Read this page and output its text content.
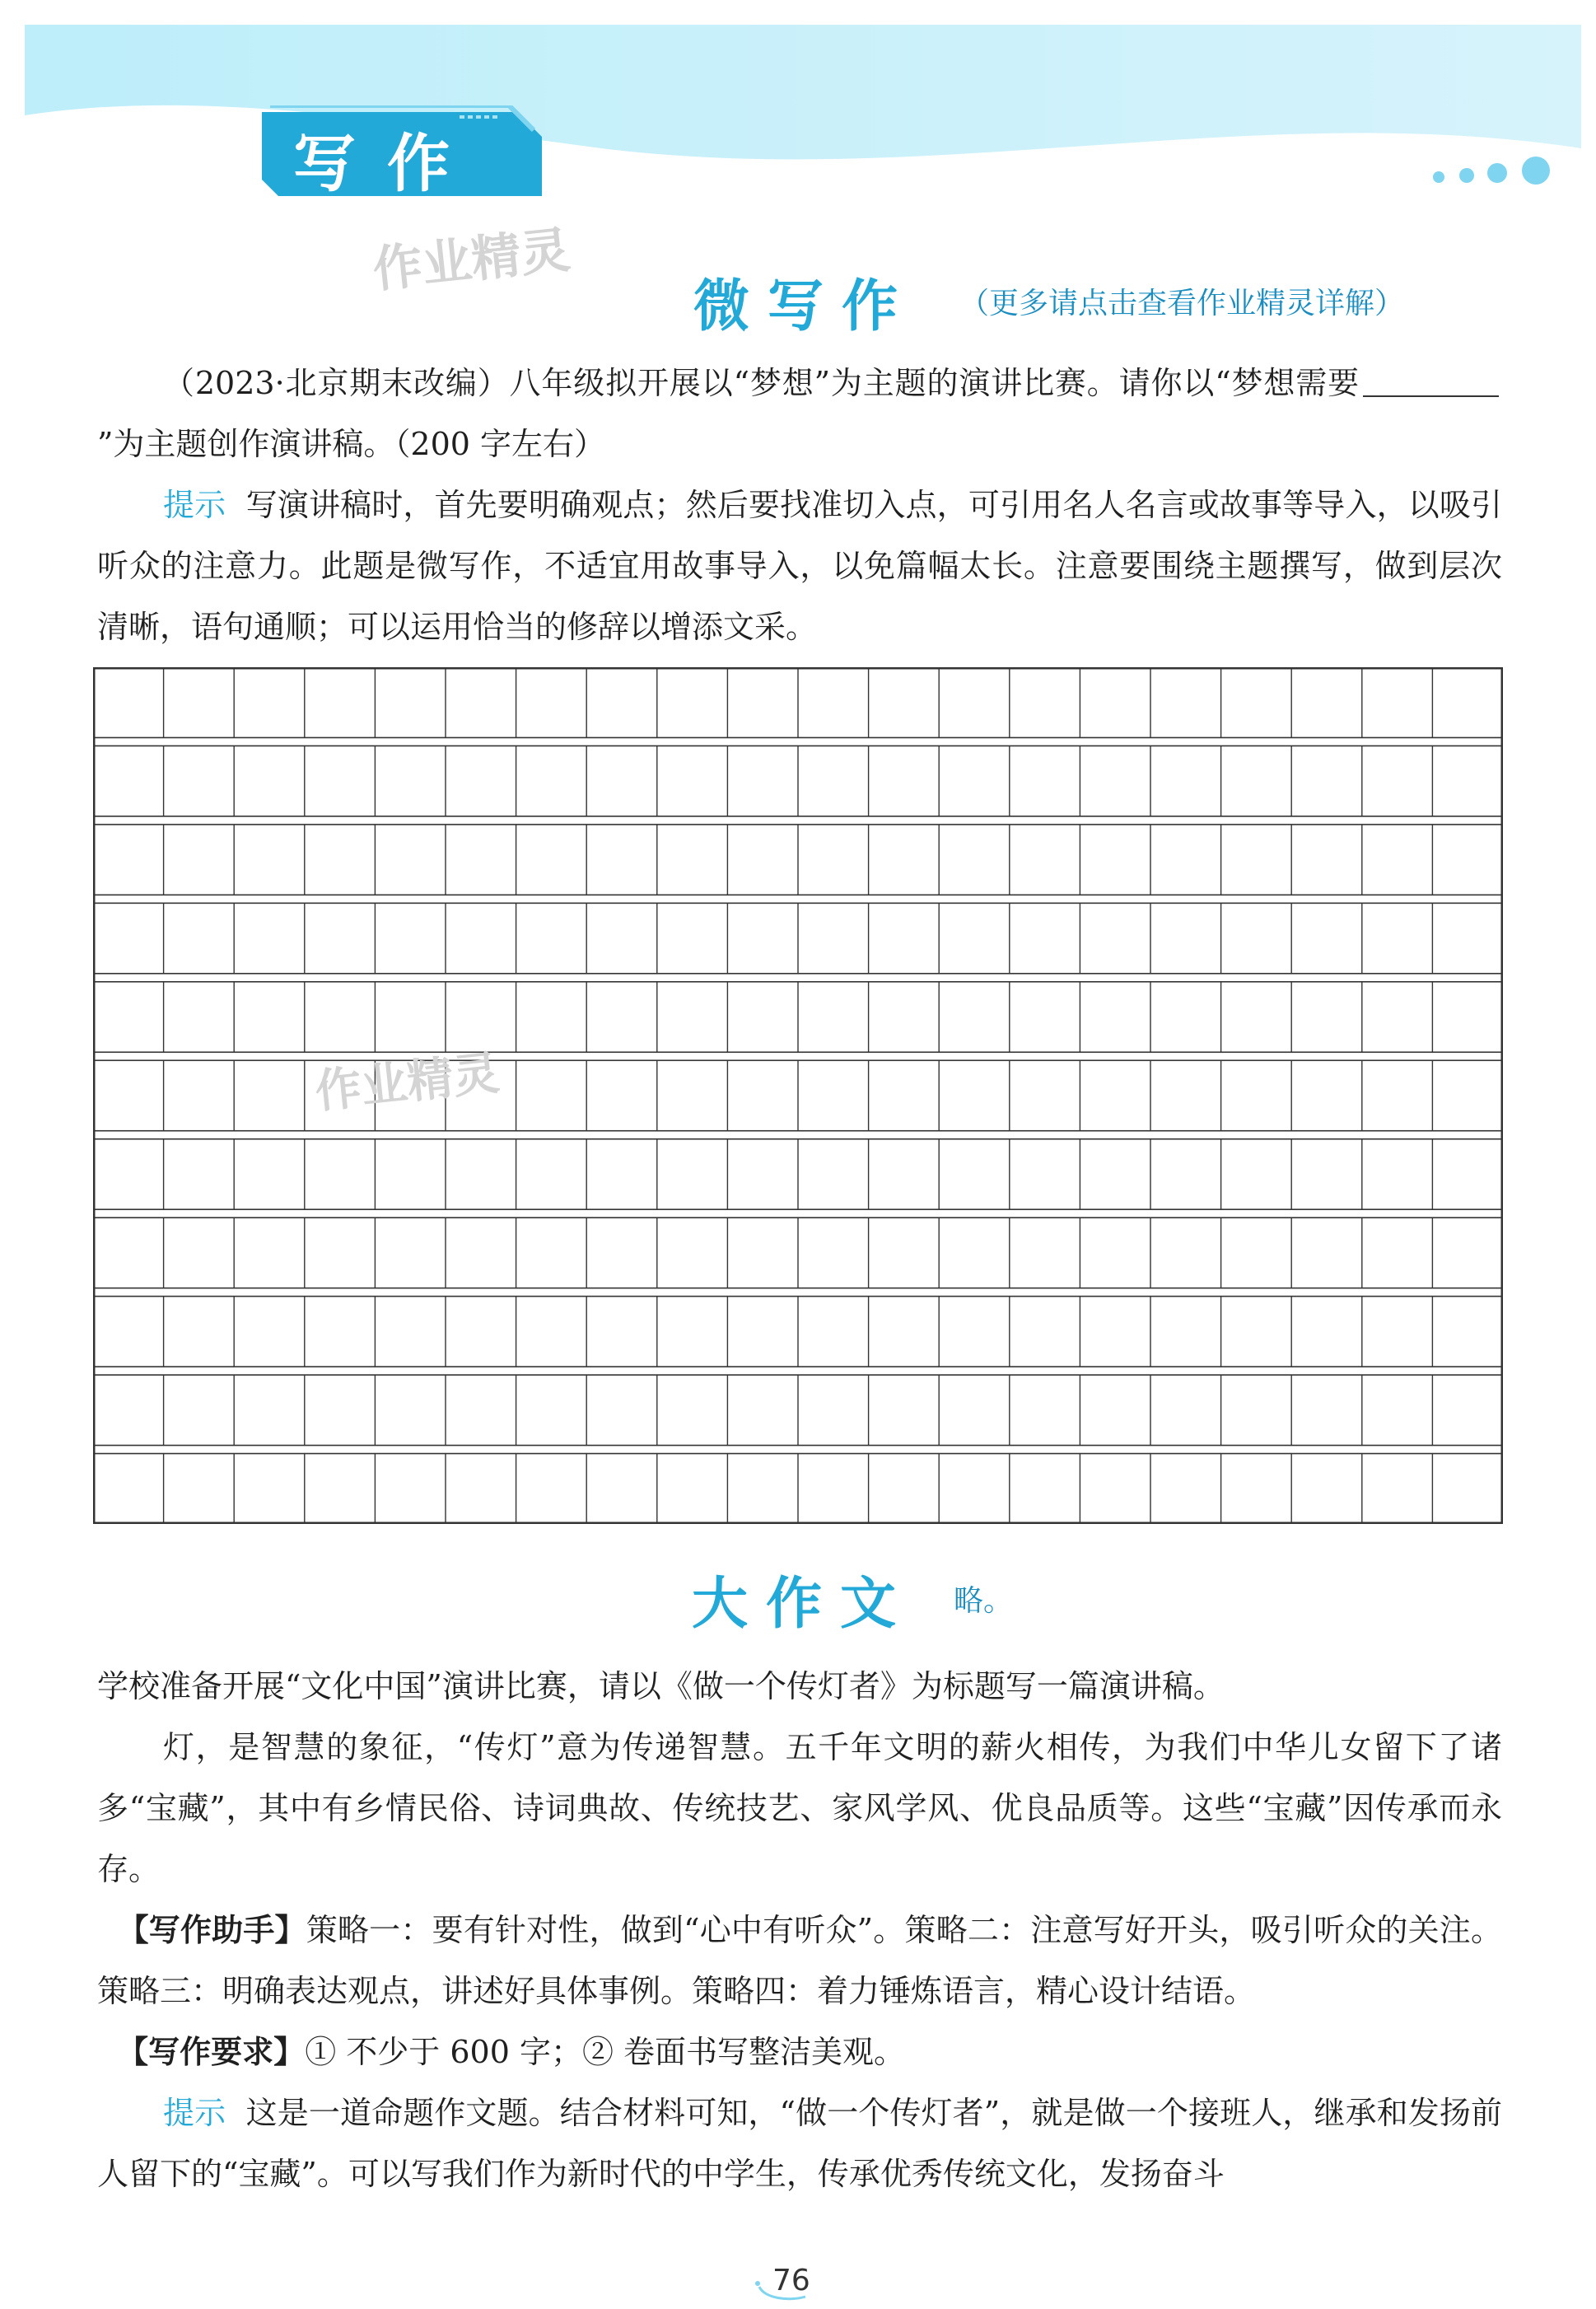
写作
作业精灵
微写作 （更多请点击查看作业精灵详解）

（2023·北京期末改编）八年级拟开展以“梦想”为主题的演讲比赛。请你以“梦想需要”为主题创作演讲稿。（200 字左右）

提示 写演讲稿时，首先要明确观点；然后要找准切入点，可引用名人名言或故事等导入，以吸引听众的注意力。此题是微写作，不适宜用故事导入，以免篇幅太长。注意要围绕主题撰写，做到层次清晰，语句通顺；可以运用恰当的修辞以增添文采。

作业精灵
大作文 略。

学校准备开展“文化中国”演讲比赛，请以《做一个传灯者》为标题写一篇演讲稿。

灯，是智慧的象征，“传灯”意为传递智慧。五千年文明的薪火相传，为我们中华儿女留下了诸多“宝藏”，其中有乡情民俗、诗词典故、传统技艺、家风学风、优良品质等。这些“宝藏”因传承而永存。

【写作助手】策略一：要有针对性，做到“心中有听众”。策略二：注意写好开头，吸引听众的关注。策略三：明确表达观点，讲述好具体事例。策略四：着力锤炼语言，精心设计结语。

【写作要求】① 不少于 600 字；② 卷面书写整洁美观。

提示 这是一道命题作文题。结合材料可知，“做一个传灯者”，就是做一个接班人，继承和发扬前人留下的“宝藏”。可以写我们作为新时代的中学生，传承优秀传统文化，发扬奋斗

76
